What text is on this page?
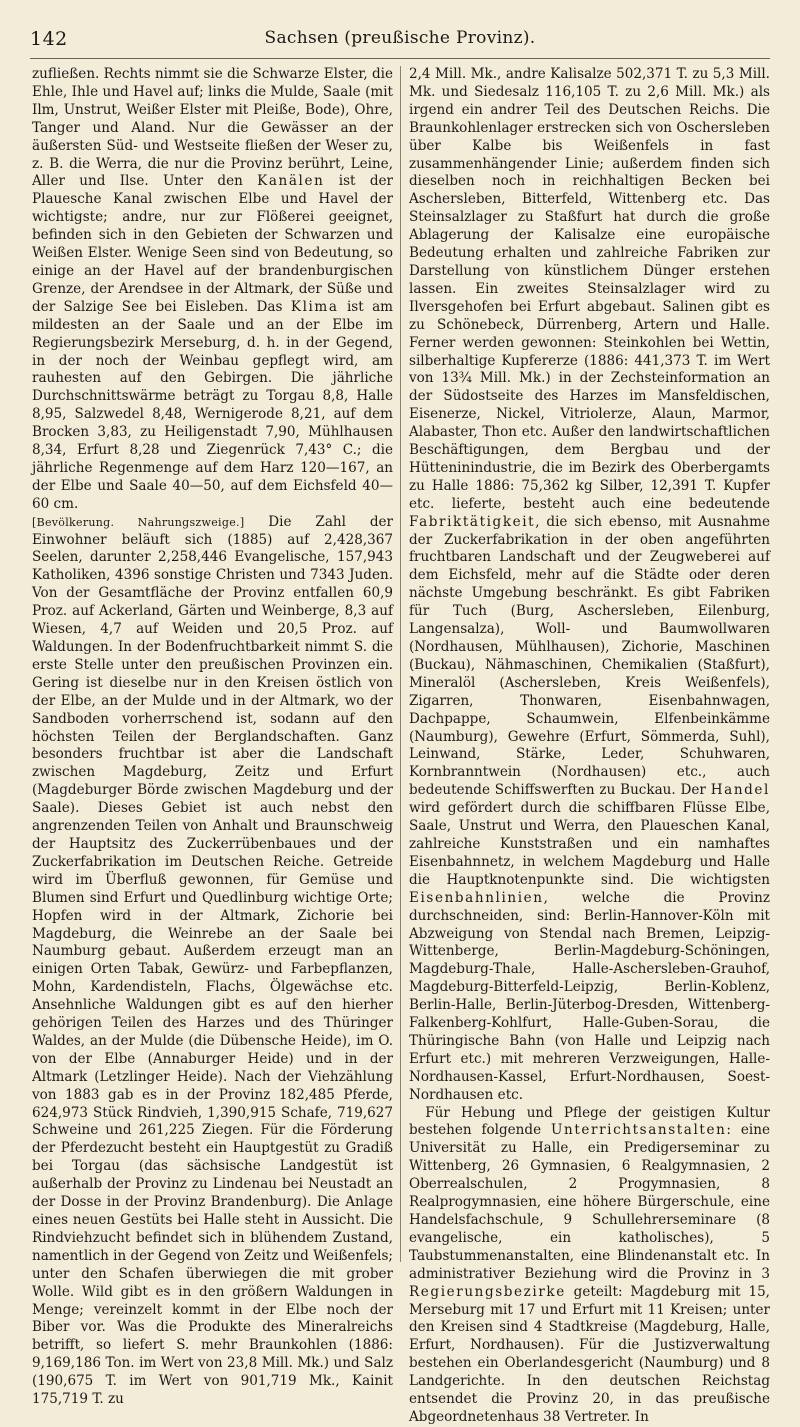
142	Sachsen (preußische Provinz).

zufließen. Rechts nimmt sie die Schwarze Elster, die Ehle, Ihle und Havel auf; links die Mulde, Saale (mit Ilm, Unstrut, Weißer Elster mit Pleiße, Bode), Ohre, Tanger und Aland. Nur die Gewässer an der äußersten Süd- und Westseite fließen der Weser zu, z. B. die Werra, die nur die Provinz berührt, Leine, Aller und Ilse. Unter den Kanälen ist der Plauesche Kanal zwischen Elbe und Havel der wichtigste; andre, nur zur Flößerei geeignet, befinden sich in den Gebieten der Schwarzen und Weißen Elster. Wenige Seen sind von Bedeutung, so einige an der Havel auf der brandenburgischen Grenze, der Arendsee in der Altmark, der Süße und der Salzige See bei Eisleben. Das Klima ist am mildesten an der Saale und an der Elbe im Regierungsbezirk Merseburg, d. h. in der Gegend, in der noch der Weinbau gepflegt wird, am rauhesten auf den Gebirgen. Die jährliche Durchschnittswärme beträgt zu Torgau 8,8, Halle 8,95, Salzwedel 8,48, Wernigerode 8,21, auf dem Brocken 3,83, zu Heiligenstadt 7,90, Mühlhausen 8,34, Erfurt 8,28 und Ziegenrück 7,43° C.; die jährliche Regenmenge auf dem Harz 120—167, an der Elbe und Saale 40—50, auf dem Eichsfeld 40—60 cm.

[Bevölkerung. Nahrungszweige.] Die Zahl der Einwohner beläuft sich (1885) auf 2,428,367 Seelen, darunter 2,258,446 Evangelische, 157,943 Katholiken, 4396 sonstige Christen und 7343 Juden. Von der Gesamtfläche der Provinz entfallen 60,9 Proz. auf Ackerland, Gärten und Weinberge, 8,3 auf Wiesen, 4,7 auf Weiden und 20,5 Proz. auf Waldungen. In der Bodenfruchtbarkeit nimmt S. die erste Stelle unter den preußischen Provinzen ein. Gering ist dieselbe nur in den Kreisen östlich von der Elbe, an der Mulde und in der Altmark, wo der Sandboden vorherrschend ist, sodann auf den höchsten Teilen der Berglandschaften. Ganz besonders fruchtbar ist aber die Landschaft zwischen Magdeburg, Zeitz und Erfurt (Magdeburger Börde zwischen Magdeburg und der Saale). Dieses Gebiet ist auch nebst den angrenzenden Teilen von Anhalt und Braunschweig der Hauptsitz des Zuckerrübenbaues und der Zuckerfabrikation im Deutschen Reiche. Getreide wird im Überfluß gewonnen, für Gemüse und Blumen sind Erfurt und Quedlinburg wichtige Orte; Hopfen wird in der Altmark, Zichorie bei Magdeburg, die Weinrebe an der Saale bei Naumburg gebaut. Außerdem erzeugt man an einigen Orten Tabak, Gewürz- und Farbepflanzen, Mohn, Kardendisteln, Flachs, Ölgewächse etc. Ansehnliche Waldungen gibt es auf den hierher gehörigen Teilen des Harzes und des Thüringer Waldes, an der Mulde (die Dübensche Heide), im O. von der Elbe (Annaburger Heide) und in der Altmark (Letzlinger Heide). Nach der Viehzählung von 1883 gab es in der Provinz 182,485 Pferde, 624,973 Stück Rindvieh, 1,390,915 Schafe, 719,627 Schweine und 261,225 Ziegen. Für die Förderung der Pferdezucht besteht ein Hauptgestüt zu Gradiß bei Torgau (das sächsische Landgestüt ist außerhalb der Provinz zu Lindenau bei Neustadt an der Dosse in der Provinz Brandenburg). Die Anlage eines neuen Gestüts bei Halle steht in Aussicht. Die Rindviehzucht befindet sich in blühendem Zustand, namentlich in der Gegend von Zeitz und Weißenfels; unter den Schafen überwiegen die mit grober Wolle. Wild gibt es in den größern Waldungen in Menge; vereinzelt kommt in der Elbe noch der Biber vor. Was die Produkte des Mineralreichs betrifft, so liefert S. mehr Braunkohlen (1886: 9,169,186 Ton. im Wert von 23,8 Mill. Mk.) und Salz (190,675 T. im Wert von 901,719 Mk., Kainit 175,719 T. zu

2,4 Mill. Mk., andre Kalisalze 502,371 T. zu 5,3 Mill. Mk. und Siedesalz 116,105 T. zu 2,6 Mill. Mk.) als irgend ein andrer Teil des Deutschen Reichs. Die Braunkohlenlager erstrecken sich von Oschersleben über Kalbe bis Weißenfels in fast zusammenhängender Linie; außerdem finden sich dieselben noch in reichhaltigen Becken bei Aschersleben, Bitterfeld, Wittenberg etc. Das Steinsalzlager zu Staßfurt hat durch die große Ablagerung der Kalisalze eine europäische Bedeutung erhalten und zahlreiche Fabriken zur Darstellung von künstlichem Dünger erstehen lassen. Ein zweites Steinsalzlager wird zu Ilversgehofen bei Erfurt abgebaut. Salinen gibt es zu Schönebeck, Dürrenberg, Artern und Halle. Ferner werden gewonnen: Steinkohlen bei Wettin, silberhaltige Kupfererze (1886: 441,373 T. im Wert von 13¾ Mill. Mk.) in der Zechsteinformation an der Südostseite des Harzes im Mansfeldischen, Eisenerze, Nickel, Vitriolerze, Alaun, Marmor, Alabaster, Thon etc. Außer den landwirtschaftlichen Beschäftigungen, dem Bergbau und der Hütteninindustrie, die im Bezirk des Oberbergamts zu Halle 1886: 75,362 kg Silber, 12,391 T. Kupfer etc. lieferte, besteht auch eine bedeutende Fabriktätigkeit, die sich ebenso, mit Ausnahme der Zuckerfabrikation in der oben angeführten fruchtbaren Landschaft und der Zeugweberei auf dem Eichsfeld, mehr auf die Städte oder deren nächste Umgebung beschränkt. Es gibt Fabriken für Tuch (Burg, Aschersleben, Eilenburg, Langensalza), Woll- und Baumwollwaren (Nordhausen, Mühlhausen), Zichorie, Maschinen (Buckau), Nähmaschinen, Chemikalien (Staßfurt), Mineralöl (Aschersleben, Kreis Weißenfels), Zigarren, Thonwaren, Eisenbahnwagen, Dachpappe, Schaumwein, Elfenbeinkämme (Naumburg), Gewehre (Erfurt, Sömmerda, Suhl), Leinwand, Stärke, Leder, Schuhwaren, Kornbranntwein (Nordhausen) etc., auch bedeutende Schiffswerften zu Buckau. Der Handel wird gefördert durch die schiffbaren Flüsse Elbe, Saale, Unstrut und Werra, den Plaueschen Kanal, zahlreiche Kunststraßen und ein namhaftes Eisenbahnnetz, in welchem Magdeburg und Halle die Hauptknotenpunkte sind. Die wichtigsten Eisenbahnlinien, welche die Provinz durchschneiden, sind: Berlin-Hannover-Köln mit Abzweigung von Stendal nach Bremen, Leipzig-Wittenberge, Berlin-Magdeburg-Schöningen, Magdeburg-Thale, Halle-Aschersleben-Grauhof, Magdeburg-Bitterfeld-Leipzig, Berlin-Koblenz, Berlin-Halle, Berlin-Jüterbog-Dresden, Wittenberg-Falkenberg-Kohlfurt, Halle-Guben-Sorau, die Thüringische Bahn (von Halle und Leipzig nach Erfurt etc.) mit mehreren Verzweigungen, Halle-Nordhausen-Kassel, Erfurt-Nordhausen, Soest-Nordhausen etc.

Für Hebung und Pflege der geistigen Kultur bestehen folgende Unterrichtsanstalten: eine Universität zu Halle, ein Predigerseminar zu Wittenberg, 26 Gymnasien, 6 Realgymnasien, 2 Oberrealschulen, 2 Progymnasien, 8 Realprogymnasien, eine höhere Bürgerschule, eine Handelsfachschule, 9 Schullehrerseminare (8 evangelische, ein katholisches), 5 Taubstummenanstalten, eine Blindenanstalt etc. In administrativer Beziehung wird die Provinz in 3 Regierungsbezirke geteilt: Magdeburg mit 15, Merseburg mit 17 und Erfurt mit 11 Kreisen; unter den Kreisen sind 4 Stadtkreise (Magdeburg, Halle, Erfurt, Nordhausen). Für die Justizverwaltung bestehen ein Oberlandesgericht (Naumburg) und 8 Landgerichte. In den deutschen Reichstag entsendet die Provinz 20, in das preußische Abgeordnetenhaus 38 Vertreter. In
